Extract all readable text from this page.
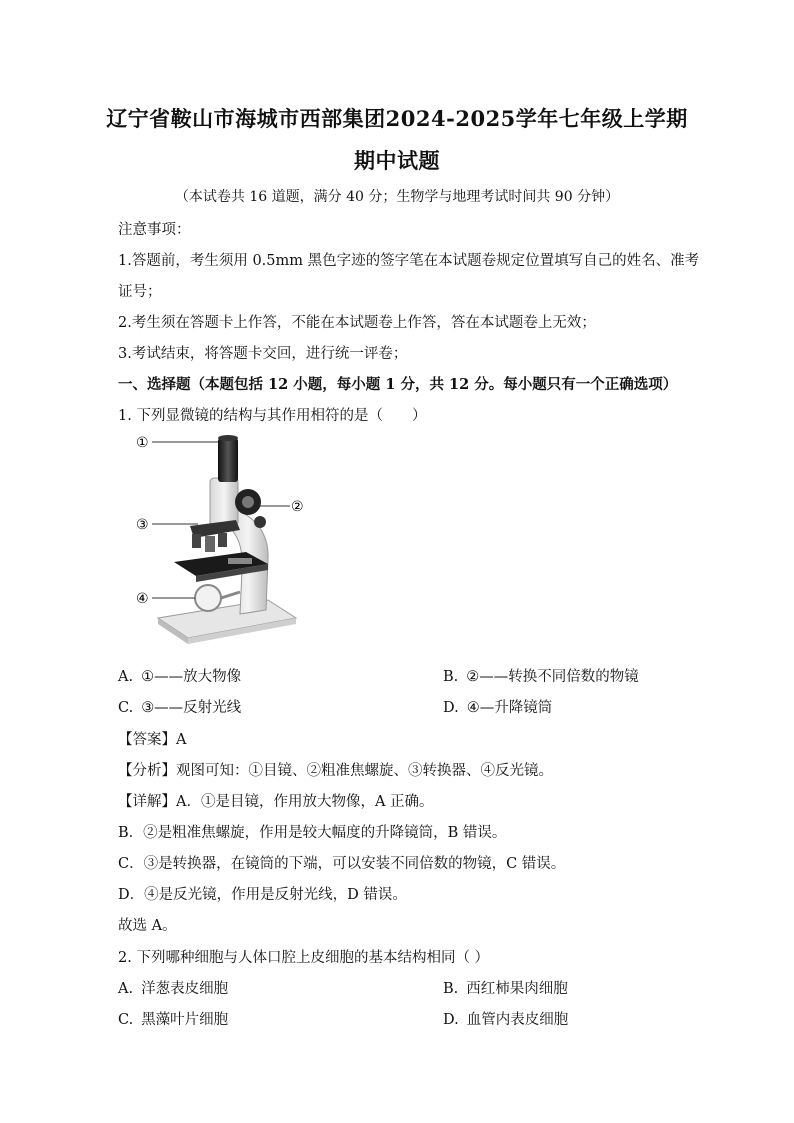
辽宁省鞍山市海城市西部集团2024-2025学年七年级上学期
期中试题
（本试卷共 16 道题，满分 40 分；生物学与地理考试时间共 90 分钟）
注意事项：
1.答题前，考生须用 0.5mm 黑色字迹的签字笔在本试题卷规定位置填写自己的姓名、准考
证号；
2.考生须在答题卡上作答，不能在本试题卷上作答，答在本试题卷上无效；
3.考试结束，将答题卡交回，进行统一评卷；
一、选择题（本题包括 12 小题，每小题 1 分，共 12 分。每小题只有一个正确选项）
1. 下列显微镜的结构与其作用相符的是（　　）
①
②
③
④
A. ①——放大物像	B. ②——转换不同倍数的物镜
C. ③——反射光线	D. ④—升降镜筒
【答案】A
【分析】观图可知：①目镜、②粗准焦螺旋、③转换器、④反光镜。
【详解】A．①是目镜，作用放大物像，A 正确。
B．②是粗准焦螺旋，作用是较大幅度的升降镜筒，B 错误。
C．③是转换器，在镜筒的下端，可以安装不同倍数的物镜，C 错误。
D．④是反光镜，作用是反射光线，D 错误。
故选 A。
2. 下列哪种细胞与人体口腔上皮细胞的基本结构相同（ ）
A. 洋葱表皮细胞	B. 西红柿果肉细胞
C. 黑藻叶片细胞	D. 血管内表皮细胞
